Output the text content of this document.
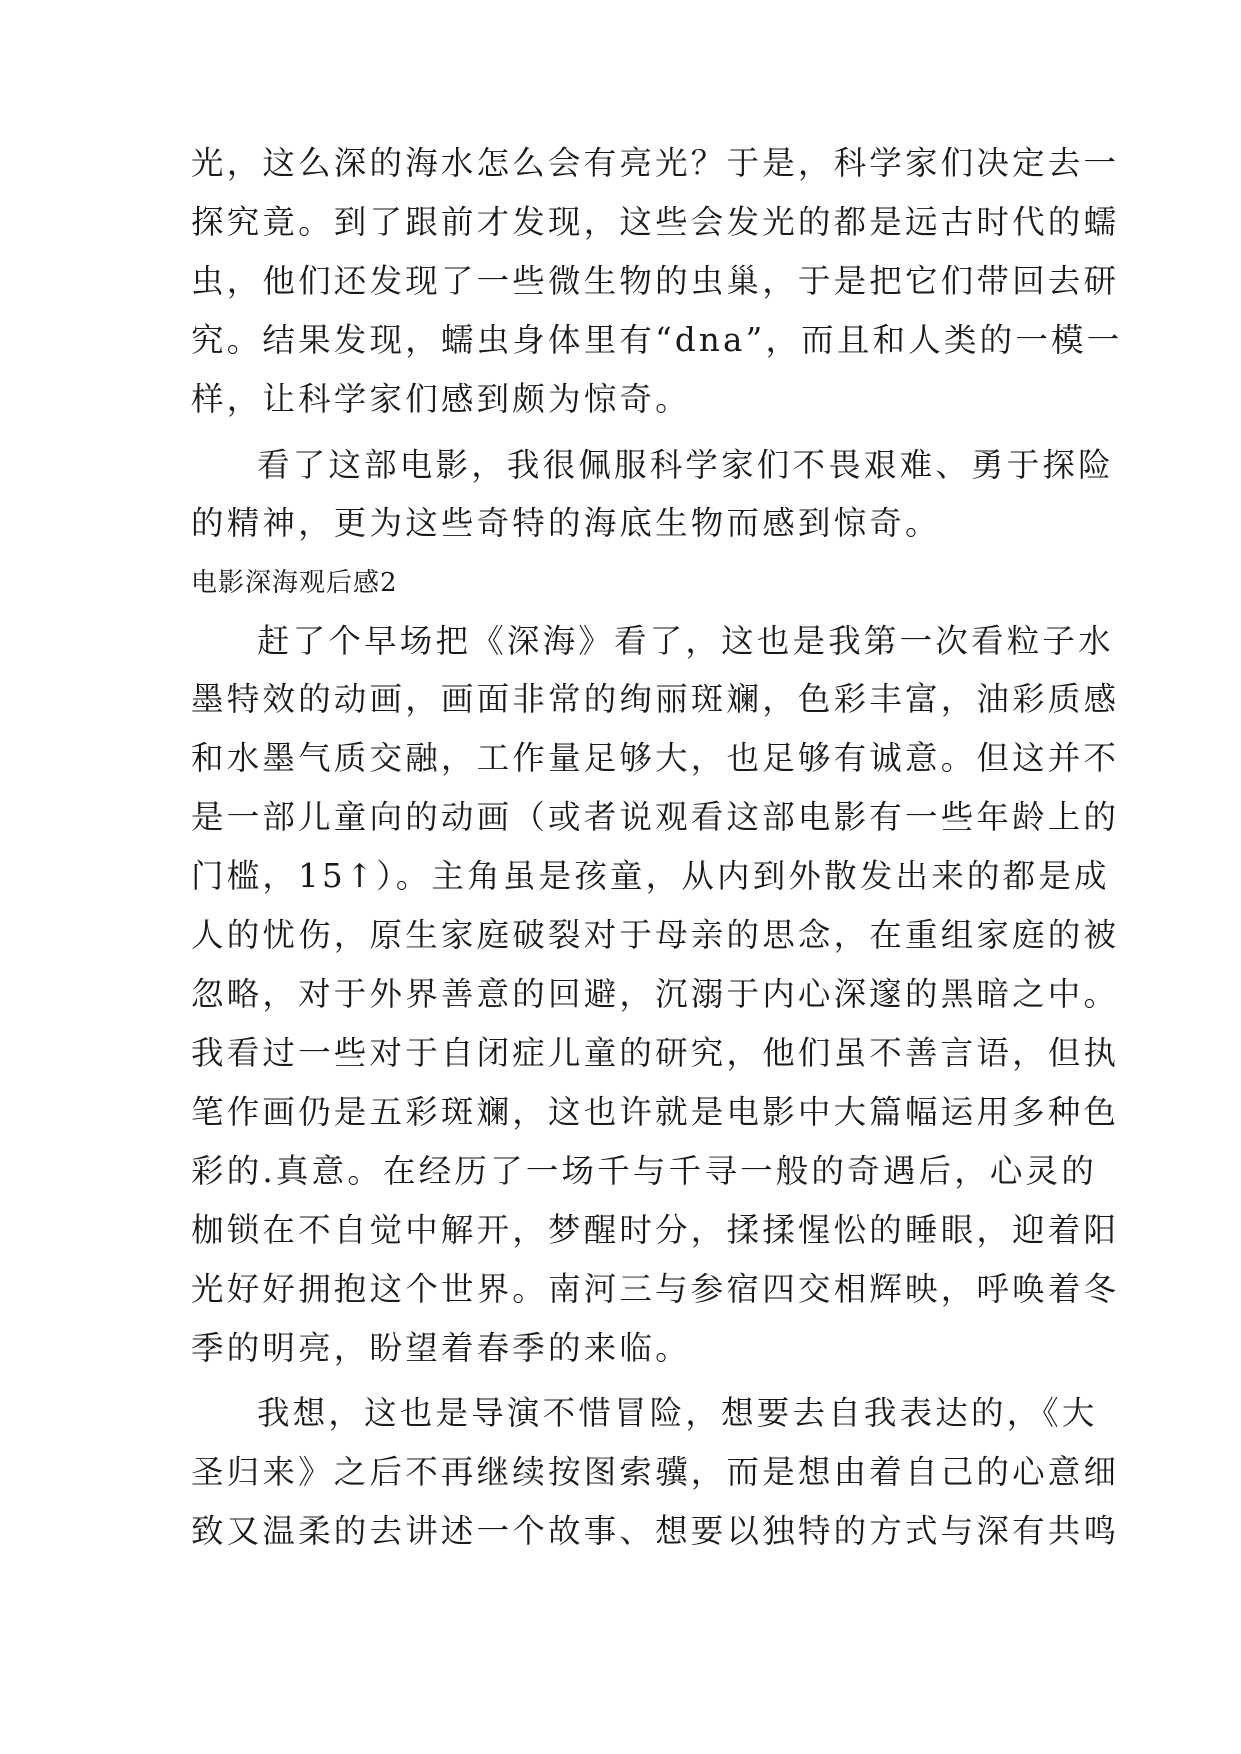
光，这么深的海水怎么会有亮光？于是，科学家们决定去一
探究竟。到了跟前才发现，这些会发光的都是远古时代的蠕
虫，他们还发现了一些微生物的虫巢，于是把它们带回去研
究。结果发现，蠕虫身体里有“dna”，而且和人类的一模一
样，让科学家们感到颇为惊奇。
看了这部电影，我很佩服科学家们不畏艰难、勇于探险
的精神，更为这些奇特的海底生物而感到惊奇。
电影深海观后感2
赶了个早场把《深海》看了，这也是我第一次看粒子水
墨特效的动画，画面非常的绚丽斑斓，色彩丰富，油彩质感
和水墨气质交融，工作量足够大，也足够有诚意。但这并不
是一部儿童向的动画（或者说观看这部电影有一些年龄上的
门槛，15↑）。主角虽是孩童，从内到外散发出来的都是成
人的忧伤，原生家庭破裂对于母亲的思念，在重组家庭的被
忽略，对于外界善意的回避，沉溺于内心深邃的黑暗之中。
我看过一些对于自闭症儿童的研究，他们虽不善言语，但执
笔作画仍是五彩斑斓，这也许就是电影中大篇幅运用多种色
彩的.真意。在经历了一场千与千寻一般的奇遇后，心灵的
枷锁在不自觉中解开，梦醒时分，揉揉惺忪的睡眼，迎着阳
光好好拥抱这个世界。南河三与参宿四交相辉映，呼唤着冬
季的明亮，盼望着春季的来临。
我想，这也是导演不惜冒险，想要去自我表达的，《大
圣归来》之后不再继续按图索骥，而是想由着自己的心意细
致又温柔的去讲述一个故事、想要以独特的方式与深有共鸣
